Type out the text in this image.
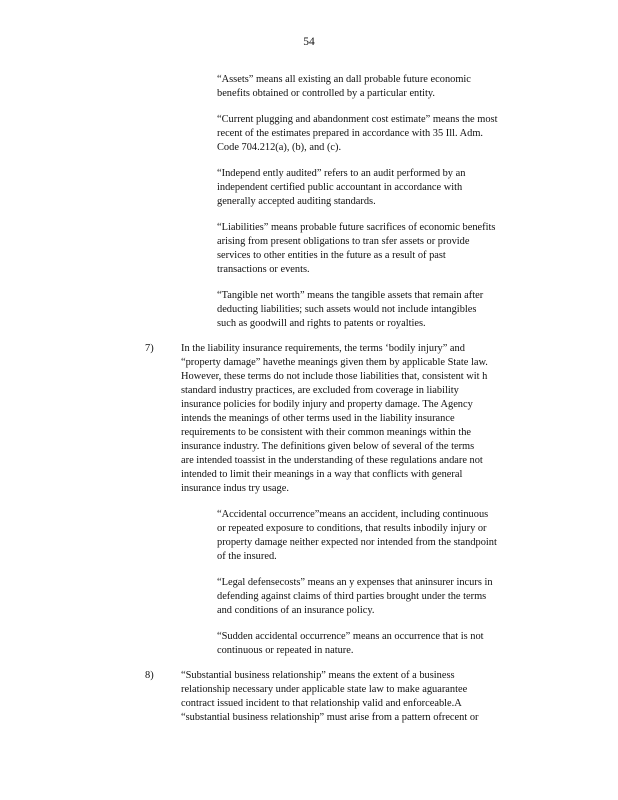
54
“Assets” means all existing an dall probable future economic
benefits obtained or controlled by a particular entity.
“Current plugging and abandonment cost estimate” means the most
recent of the estimates prepared in accordance with 35 Ill. Adm.
Code 704.212(a), (b), and (c).
“Independ ently audited” refers to an audit performed by an
independent certified public accountant in accordance with
generally accepted auditing standards.
“Liabilities” means probable future sacrifices of economic benefits
arising from present obligations to tran sfer assets or provide
services to other entities in the future as a result of past
transactions or events.
“Tangible net worth” means the tangible assets that remain after
deducting liabilities; such assets would not include intangibles
such as goodwill and rights to patents or royalties.
7)	In the liability insurance requirements, the terms ‘bodily injury” and
“property damage” havethe meanings given them by applicable State law.
However, these terms do not include those liabilities that, consistent wit h
standard industry practices, are excluded from coverage in liability
insurance policies for bodily injury and property damage. The Agency
intends the meanings of other terms used in the liability insurance
requirements to be consistent with their common meanings within the
insurance industry. The definitions given below of several of the terms
are intended toassist in the understanding of these regulations andare not
intended to limit their meanings in a way that conflicts with general
insurance indus try usage.
“Accidental occurrence”means an accident, including continuous
or repeated exposure to conditions, that results inbodily injury or
property damage neither expected nor intended from the standpoint
of the insured.
“Legal defensecosts” means an y expenses that aninsurer incurs in
defending against claims of third parties brought under the terms
and conditions of an insurance policy.
“Sudden accidental occurrence” means an occurrence that is not
continuous or repeated in nature.
8)	“Substantial business relationship” means the extent of a business
relationship necessary under applicable state law to make aguarantee
contract issued incident to that relationship valid and enforceable.A
“substantial business relationship” must arise from a pattern ofrecent or
